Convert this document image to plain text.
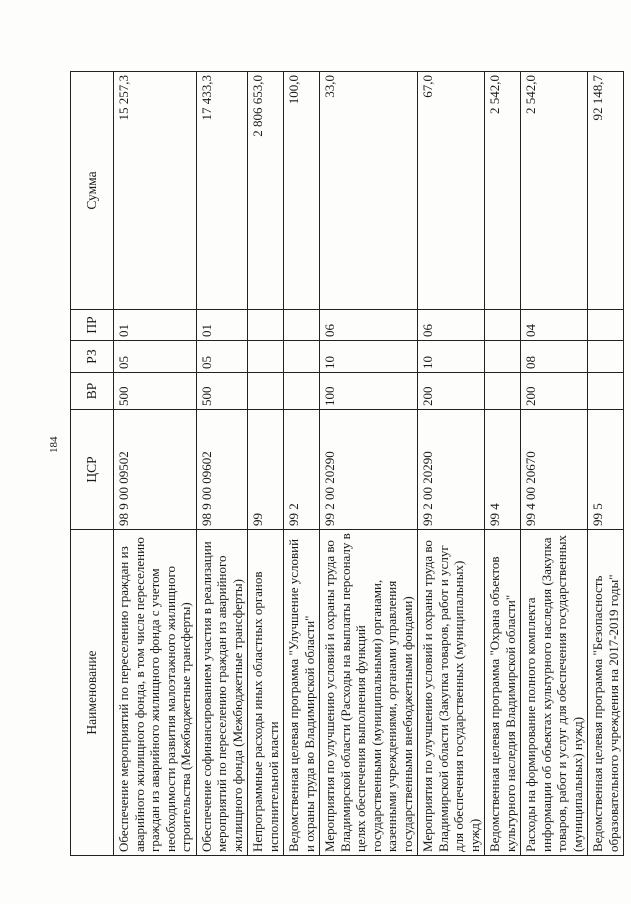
184
Наименование	ЦСР	ВР	РЗ	ПР	Сумма
Обеспечение мероприятий по переселению граждан из аварийного жилищного фонда, в том числе переселению граждан из аварийного жилищного фонда с учетом необходимости развития малоэтажного жилищного строительства (Межбюджетные трансферты)	98 9 00 09502	500	05	01	15 257,3
Обеспечение софинансированием участия в реализации мероприятий по переселению граждан из аварийного жилищного фонда (Межбюджетные трансферты)	98 9 00 09602	500	05	01	17 433,3
Непрограммные расходы иных областных органов исполнительной власти	99				2 806 653,0
Ведомственная целевая программа "Улучшение условий и охраны труда во Владимирской области"	99 2				100,0
Мероприятия по улучшению условий и охраны труда во Владимирской области (Расходы на выплаты персоналу в целях обеспечения выполнения функций государственными (муниципальными) органами, казенными учреждениями, органами управления государственными внебюджетными фондами)	99 2 00 20290	100	10	06	33,0
Мероприятия по улучшению условий и охраны труда во Владимирской области (Закупка товаров, работ и услуг для обеспечения государственных (муниципальных) нужд)	99 2 00 20290	200	10	06	67,0
Ведомственная целевая программа "Охрана объектов культурного наследия Владимирской области"	99 4				2 542,0
Расходы на формирование полного комплекта информации об объектах культурного наследия (Закупка товаров, работ и услуг для обеспечения государственных (муниципальных) нужд)	99 4 00 20670	200	08	04	2 542,0
Ведомственная целевая программа "Безопасность образовательного учреждения на 2017-2019 годы"	99 5				92 148,7
